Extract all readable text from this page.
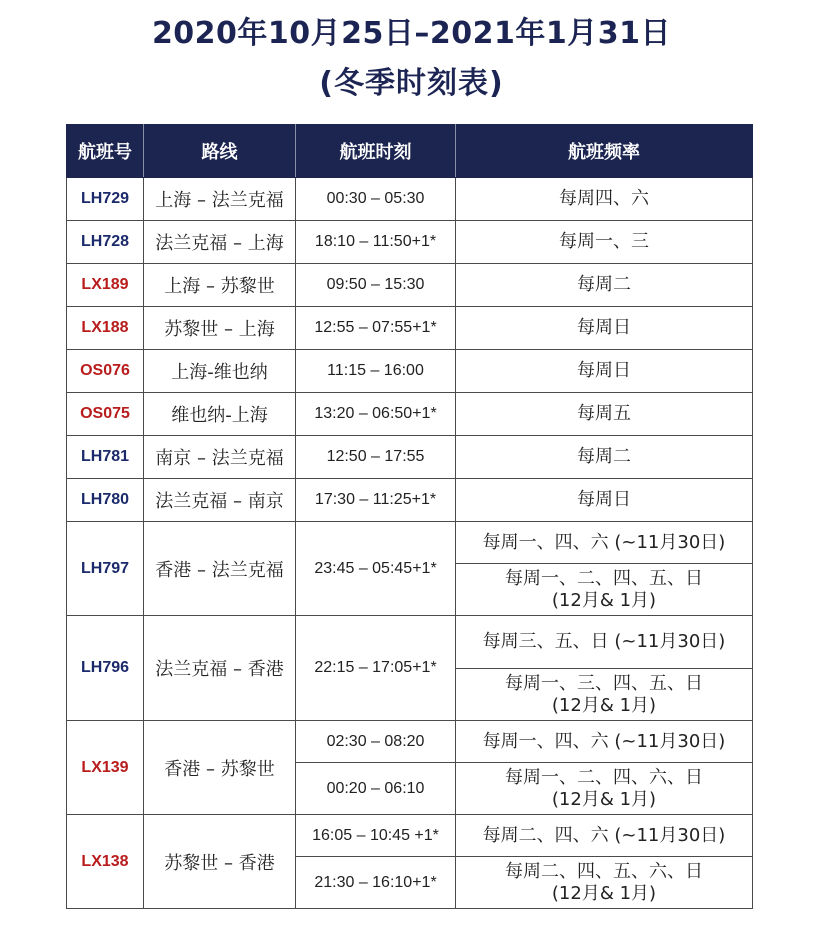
2020年10月25日–2021年1月31日
(冬季时刻表)
航班号	路线	航班时刻	航班频率
LH729	上海 – 法兰克福	00:30 – 05:30	每周四、六
LH728	法兰克福 – 上海	18:10 – 11:50+1*	每周一、三
LX189	上海 – 苏黎世	09:50 – 15:30	每周二
LX188	苏黎世 – 上海	12:55 – 07:55+1*	每周日
OS076	上海-维也纳	11:15 – 16:00	每周日
OS075	维也纳-上海	13:20 – 06:50+1*	每周五
LH781	南京 – 法兰克福	12:50 – 17:55	每周二
LH780	法兰克福 – 南京	17:30 – 11:25+1*	每周日
LH797	香港 – 法兰克福	23:45 – 05:45+1*	每周一、四、六 (~11月30日)

			每周一、二、四、五、日
(12月& 1月)

LH796	法兰克福 – 香港	22:15 – 17:05+1*	每周三、五、日 (~11月30日)

			每周一、三、四、五、日
(12月& 1月)

LX139	香港 – 苏黎世	02:30 – 08:20	每周一、四、六 (~11月30日)
		00:20 – 06:10	每周一、二、四、六、日
(12月& 1月)

LX138	苏黎世 – 香港	16:05 – 10:45 +1*	每周二、四、六 (~11月30日)
		21:30 – 16:10+1*	每周二、四、五、六、日
(12月& 1月)
